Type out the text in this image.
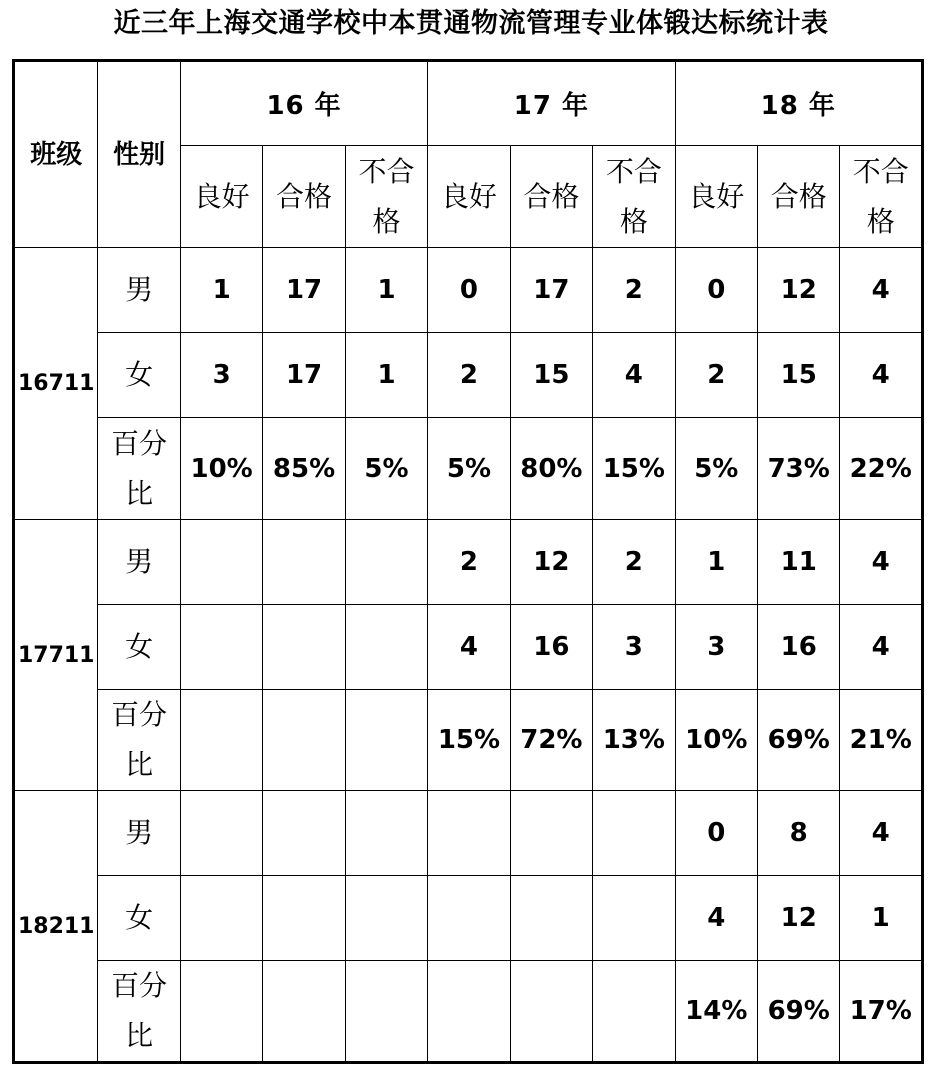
近三年上海交通学校中本贯通物流管理专业体锻达标统计表
班级	性别	16 年			17 年			18 年		
		良好	合格	不合格	良好	合格	不合格	良好	合格	不合格
16711	男	1	17	1	0	17	2	0	12	4
	女	3	17	1	2	15	4	2	15	4
	百分比	10%	85%	5%	5%	80%	15%	5%	73%	22%
17711	男				2	12	2	1	11	4
	女				4	16	3	3	16	4
	百分比				15%	72%	13%	10%	69%	21%
18211	男							0	8	4
	女							4	12	1
	百分比							14%	69%	17%
